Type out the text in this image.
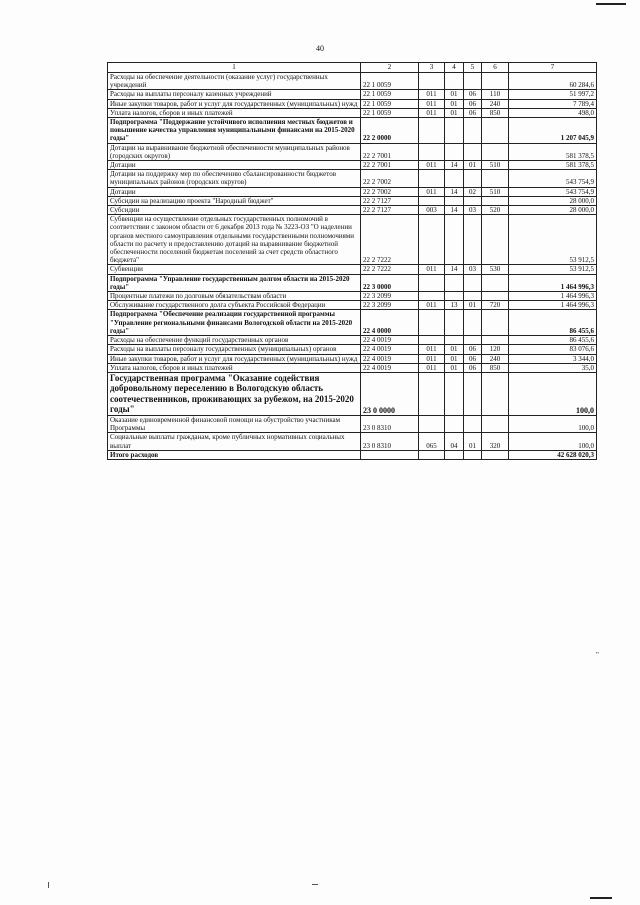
40
1	2	3	4	5	6	7
Расходы на обеспечение деятельности (оказание услуг) государственных учреждений	22 1 0059					60 284,6
Расходы на выплаты персоналу казенных учреждений	22 1 0059	011	01	06	110	51 997,2
Иные закупки товаров, работ и услуг для государственных (муниципальных) нужд	22 1 0059	011	01	06	240	7 789,4
Уплата налогов, сборов и иных платежей	22 1 0059	011	01	06	850	498,0
Подпрограмма "Поддержание устойчивого исполнения местных бюджетов и повышение качества управления муниципальными финансами на 2015-2020 годы"	22 2 0000					1 207 045,9
Дотации на выравнивание бюджетной обеспеченности муниципальных районов (городских округов)	22 2 7001					581 378,5
Дотации	22 2 7001	011	14	01	510	581 378,5
Дотации на поддержку мер по обеспечению сбалансированности бюджетов муниципальных районов (городских округов)	22 2 7002					543 754,9
Дотации	22 2 7002	011	14	02	510	543 754,9
Субсидии на реализацию проекта "Народный бюджет"	22 2 7127					28 000,0
Субсидии	22 2 7127	003	14	03	520	28 000,0
Субвенции на осуществление отдельных государственных полномочий в соответствии с законом области от 6 декабря 2013 года № 3223-ОЗ "О наделении органов местного самоуправления отдельными государственными полномочиями области по расчету и предоставлению дотаций на выравнивание бюджетной обеспеченности поселений бюджетам поселений за счет средств областного бюджета"	22 2 7222					53 912,5
Субвенции	22 2 7222	011	14	03	530	53 912,5
Подпрограмма "Управление государственным долгом области на 2015-2020 годы"	22 3 0000					1 464 996,3
Процентные платежи по долговым обязательствам области	22 3 2099					1 464 996,3
Обслуживание государственного долга субъекта Российской Федерации	22 3 2099	011	13	01	720	1 464 996,3
Подпрограмма "Обеспечение реализации государственной программы "Управление региональными финансами Вологодской области на 2015-2020 годы"	22 4 0000					86 455,6
Расходы на обеспечение функций государственных органов	22 4 0019					86 455,6
Расходы на выплаты персоналу государственных (муниципальных) органов	22 4 0019	011	01	06	120	83 076,6
Иные закупки товаров, работ и услуг для государственных (муниципальных) нужд	22 4 0019	011	01	06	240	3 344,0
Уплата налогов, сборов и иных платежей	22 4 0019	011	01	06	850	35,0
Государственная программа "Оказание содействия добровольному переселению в Вологодскую область соотечественников, проживающих за рубежом, на 2015-2020 годы"	23 0 0000					100,0
Оказание единовременной финансовой помощи на обустройство участникам Программы	23 0 8310					100,0
Социальные выплаты гражданам, кроме публичных нормативных социальных выплат	23 0 8310	065	04	01	320	100,0
Итого расходов						42 628 020,3
"
